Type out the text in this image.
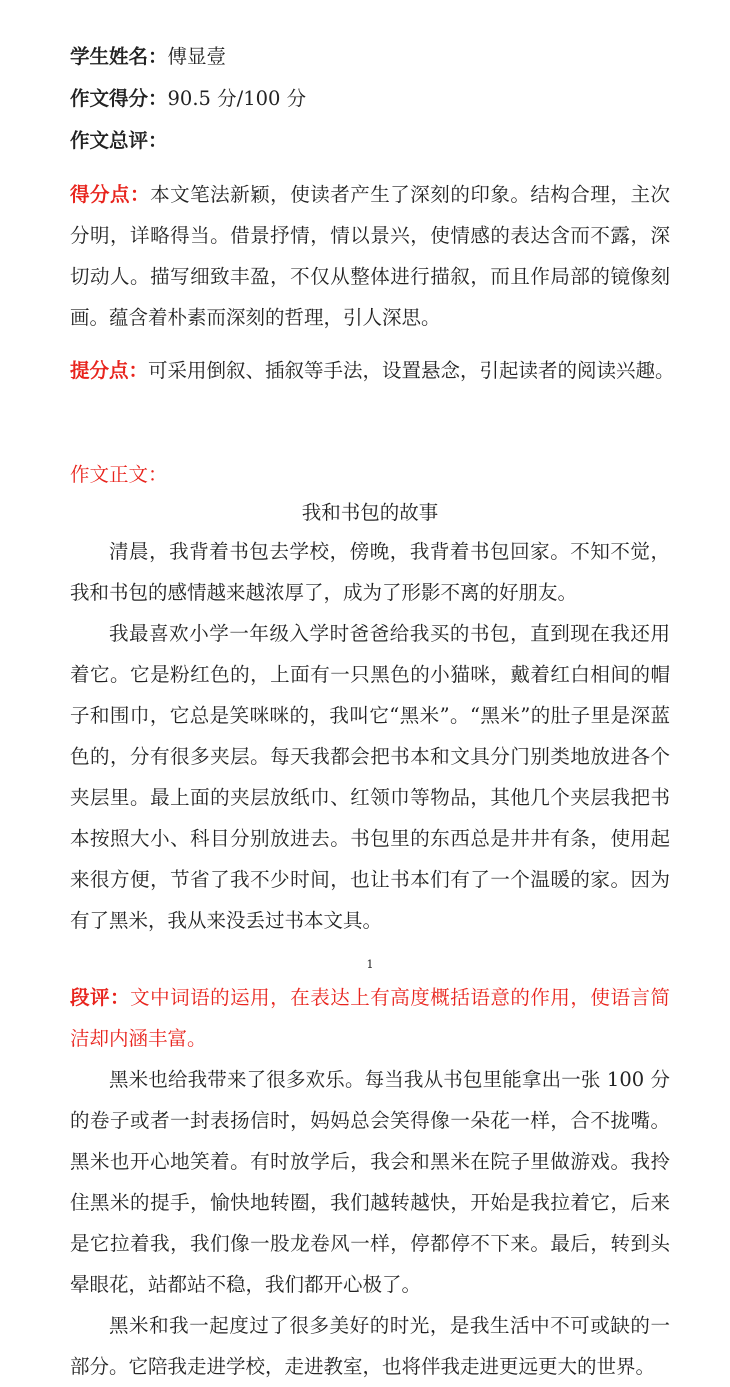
学生姓名：傅显壹
作文得分：90.5 分/100 分
作文总评：

得分点：本文笔法新颖，使读者产生了深刻的印象。结构合理，主次分明，详略得当。借景抒情，情以景兴，使情感的表达含而不露，深切动人。描写细致丰盈，不仅从整体进行描叙，而且作局部的镜像刻画。蕴含着朴素而深刻的哲理，引人深思。

提分点：可采用倒叙、插叙等手法，设置悬念，引起读者的阅读兴趣。

作文正文：
我和书包的故事

清晨，我背着书包去学校，傍晚，我背着书包回家。不知不觉，我和书包的感情越来越浓厚了，成为了形影不离的好朋友。

我最喜欢小学一年级入学时爸爸给我买的书包，直到现在我还用着它。它是粉红色的，上面有一只黑色的小猫咪，戴着红白相间的帽子和围巾，它总是笑咪咪的，我叫它“黑米”。“黑米”的肚子里是深蓝色的，分有很多夹层。每天我都会把书本和文具分门别类地放进各个夹层里。最上面的夹层放纸巾、红领巾等物品，其他几个夹层我把书本按照大小、科目分别放进去。书包里的东西总是井井有条，使用起来很方便，节省了我不少时间，也让书本们有了一个温暖的家。因为有了黑米，我从来没丢过书本文具。

1

段评：文中词语的运用，在表达上有高度概括语意的作用，使语言简洁却内涵丰富。

黑米也给我带来了很多欢乐。每当我从书包里能拿出一张 100 分的卷子或者一封表扬信时，妈妈总会笑得像一朵花一样，合不拢嘴。黑米也开心地笑着。有时放学后，我会和黑米在院子里做游戏。我拎住黑米的提手，愉快地转圈，我们越转越快，开始是我拉着它，后来是它拉着我，我们像一股龙卷风一样，停都停不下来。最后，转到头晕眼花，站都站不稳，我们都开心极了。

黑米和我一起度过了很多美好的时光，是我生活中不可或缺的一部分。它陪我走进学校，走进教室，也将伴我走进更远更大的世界。
